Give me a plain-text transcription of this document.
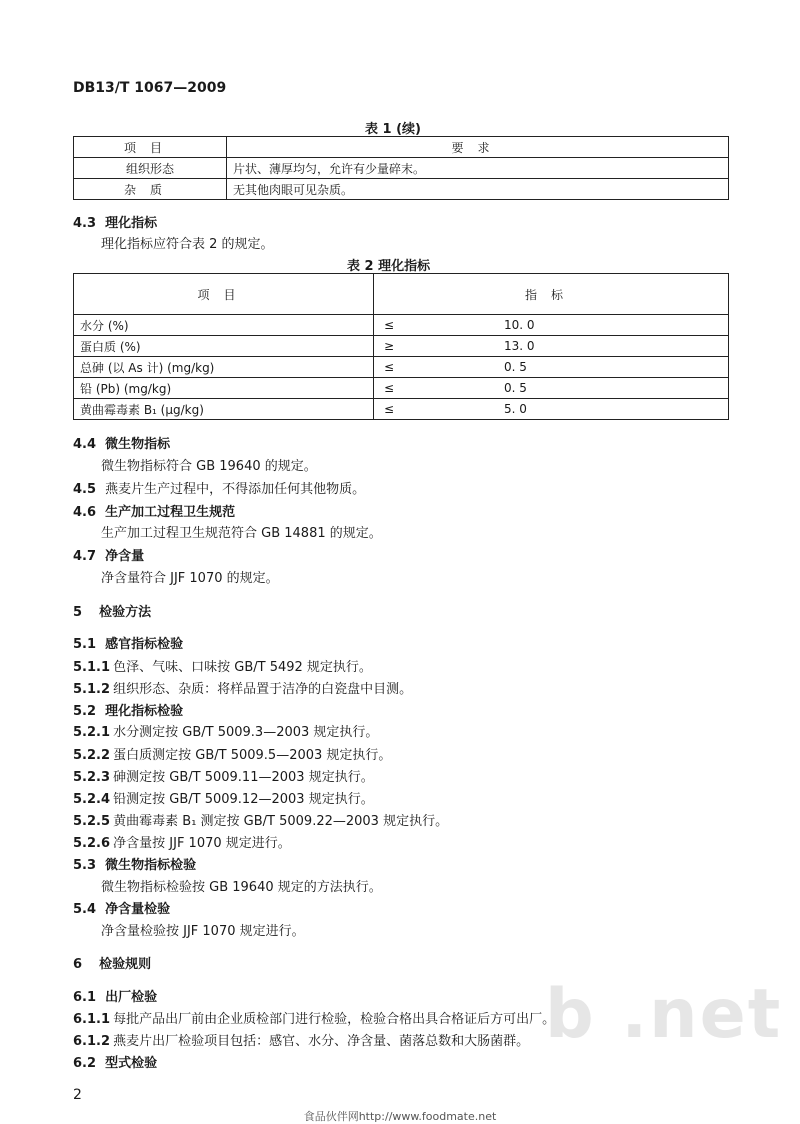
DB13/T 1067—2009
表 1 (续)
项目	要求
组织形态	片状、薄厚均匀，允许有少量碎末。
杂质	无其他肉眼可见杂质。
4.3 理化指标
理化指标应符合表 2 的规定。
表 2 理化指标
项目	指标
水分 (%)	≤ 10. 0
蛋白质 (%)	≥ 13. 0
总砷 (以 As 计) (mg/kg)	≤ 0. 5
铅 (Pb) (mg/kg)	≤ 0. 5
黄曲霉毒素 B₁ (μg/kg)	≤ 5. 0
4.4 微生物指标
微生物指标符合 GB 19640 的规定。
4.5 燕麦片生产过程中，不得添加任何其他物质。
4.6 生产加工过程卫生规范
生产加工过程卫生规范符合 GB 14881 的规定。
4.7 净含量
净含量符合 JJF 1070 的规定。
5 检验方法
5.1 感官指标检验
5.1.1 色泽、气味、口味按 GB/T 5492 规定执行。
5.1.2 组织形态、杂质：将样品置于洁净的白瓷盘中目测。
5.2 理化指标检验
5.2.1 水分测定按 GB/T 5009.3—2003 规定执行。
5.2.2 蛋白质测定按 GB/T 5009.5—2003 规定执行。
5.2.3 砷测定按 GB/T 5009.11—2003 规定执行。
5.2.4 铅测定按 GB/T 5009.12—2003 规定执行。
5.2.5 黄曲霉毒素 B₁ 测定按 GB/T 5009.22—2003 规定执行。
5.2.6 净含量按 JJF 1070 规定进行。
5.3 微生物指标检验
微生物指标检验按 GB 19640 规定的方法执行。
5.4 净含量检验
净含量检验按 JJF 1070 规定进行。
6 检验规则
b .net
6.1 出厂检验
6.1.1 每批产品出厂前由企业质检部门进行检验，检验合格出具合格证后方可出厂。
6.1.2 燕麦片出厂检验项目包括：感官、水分、净含量、菌落总数和大肠菌群。
6.2 型式检验
2
食品伙伴网http://www.foodmate.net
